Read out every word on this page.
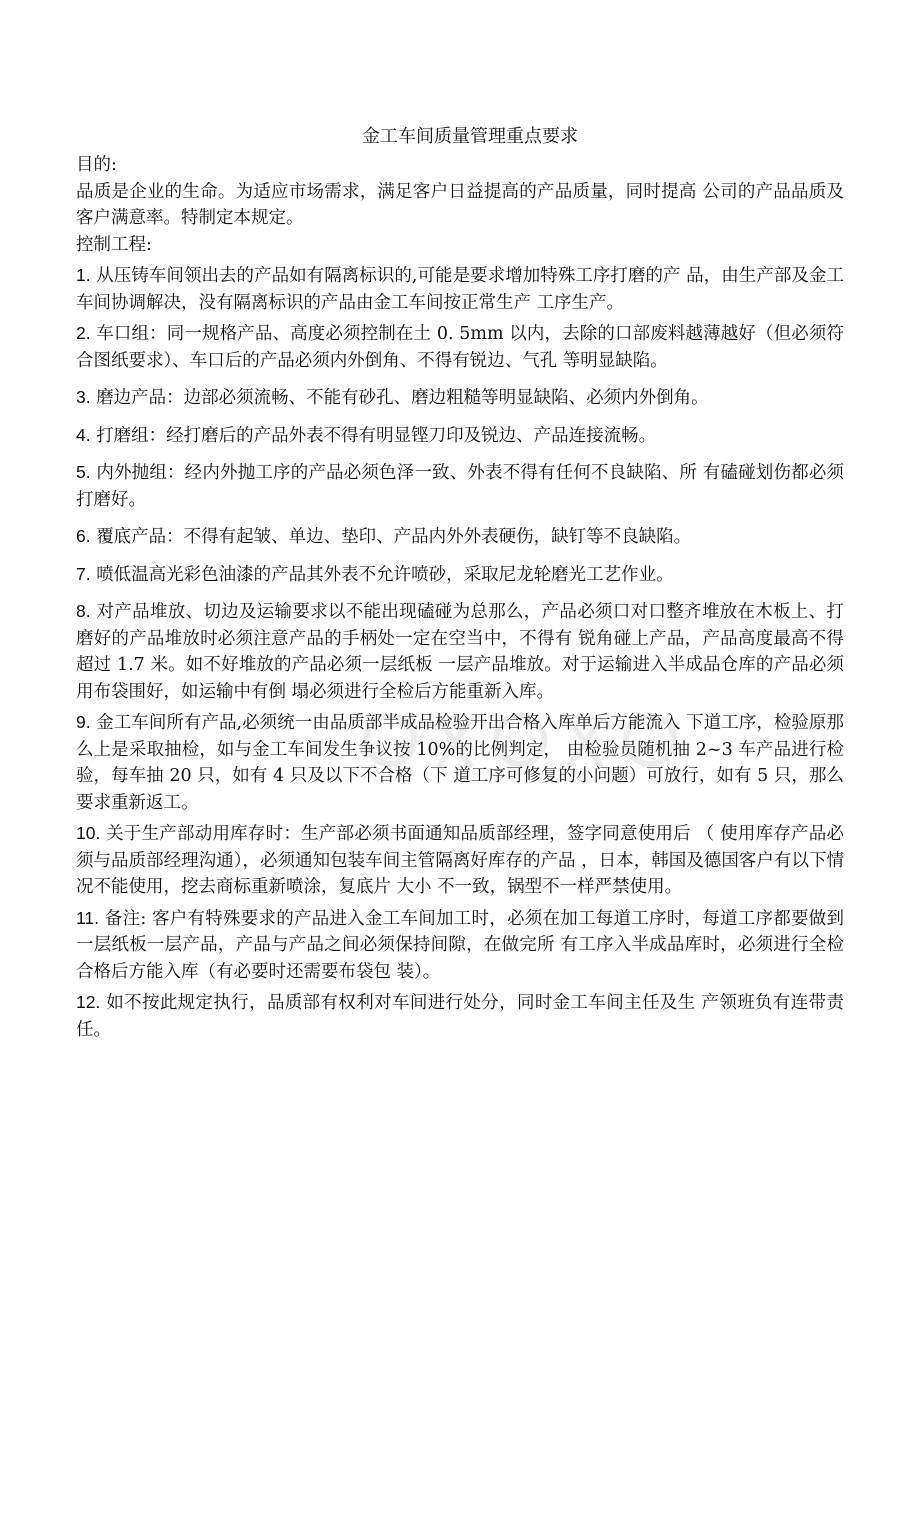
金工车间质量管理重点要求

目的:

品质是企业的生命。为适应市场需求，满足客户日益提高的产品质量，同时提高 公司的产品品质及客户满意率。特制定本规定。

控制工程:

1. 从压铸车间领出去的产品如有隔离标识的,可能是要求增加特殊工序打磨的产 品，由生产部及金工车间协调解决，没有隔离标识的产品由金工车间按正常生产 工序生产。

2. 车口组：同一规格产品、高度必须控制在土 0. 5mm 以内，去除的口部废料越薄越好（但必须符合图纸要求）、车口后的产品必须内外倒角、不得有锐边、气孔 等明显缺陷。

3. 磨边产品：边部必须流畅、不能有砂孔、磨边粗糙等明显缺陷、必须内外倒角。

4. 打磨组：经打磨后的产品外表不得有明显铿刀印及锐边、产品连接流畅。

5. 内外抛组：经内外抛工序的产品必须色泽一致、外表不得有任何不良缺陷、所 有磕碰划伤都必须打磨好。

6. 覆底产品：不得有起皱、单边、垫印、产品内外外表硬伤，缺钉等不良缺陷。

7. 喷低温高光彩色油漆的产品其外表不允许喷砂，采取尼龙轮磨光工艺作业。

8. 对产品堆放、切边及运输要求以不能出现磕碰为总那么，产品必须口对口整齐堆放在木板上、打磨好的产品堆放时必须注意产品的手柄处一定在空当中，不得有 锐角碰上产品，产品高度最高不得超过 1.7 米。如不好堆放的产品必须一层纸板 一层产品堆放。对于运输进入半成品仓库的产品必须用布袋围好，如运输中有倒 塌必须进行全检后方能重新入库。

9. 金工车间所有产品,必须统一由品质部半成品检验开出合格入库单后方能流入 下道工序，检验原那么上是采取抽检，如与金工车间发生争议按 10%的比例判定， 由检验员随机抽 2~3 车产品进行检验，每车抽 20 只，如有 4 只及以下不合格（下 道工序可修复的小问题）可放行，如有 5 只，那么要求重新返工。

10. 关于生产部动用库存时：生产部必须书面通知品质部经理，签字同意使用后 （ 使用库存产品必须与品质部经理沟通），必须通知包装车间主管隔离好库存的产品 ，日本，韩国及德国客户有以下情况不能使用，挖去商标重新喷涂，复底片 大小 不一致，锅型不一样严禁使用。

11. 备注: 客户有特殊要求的产品进入金工车间加工时，必须在加工每道工序时，每道工序都要做到一层纸板一层产品，产品与产品之间必须保持间隙，在做完所 有工序入半成品库时，必须进行全检合格后方能入库（有必要时还需要布袋包 装）。

12. 如不按此规定执行，品质部有权利对车间进行处分，同时金工车间主任及生 产领班负有连带责任。
